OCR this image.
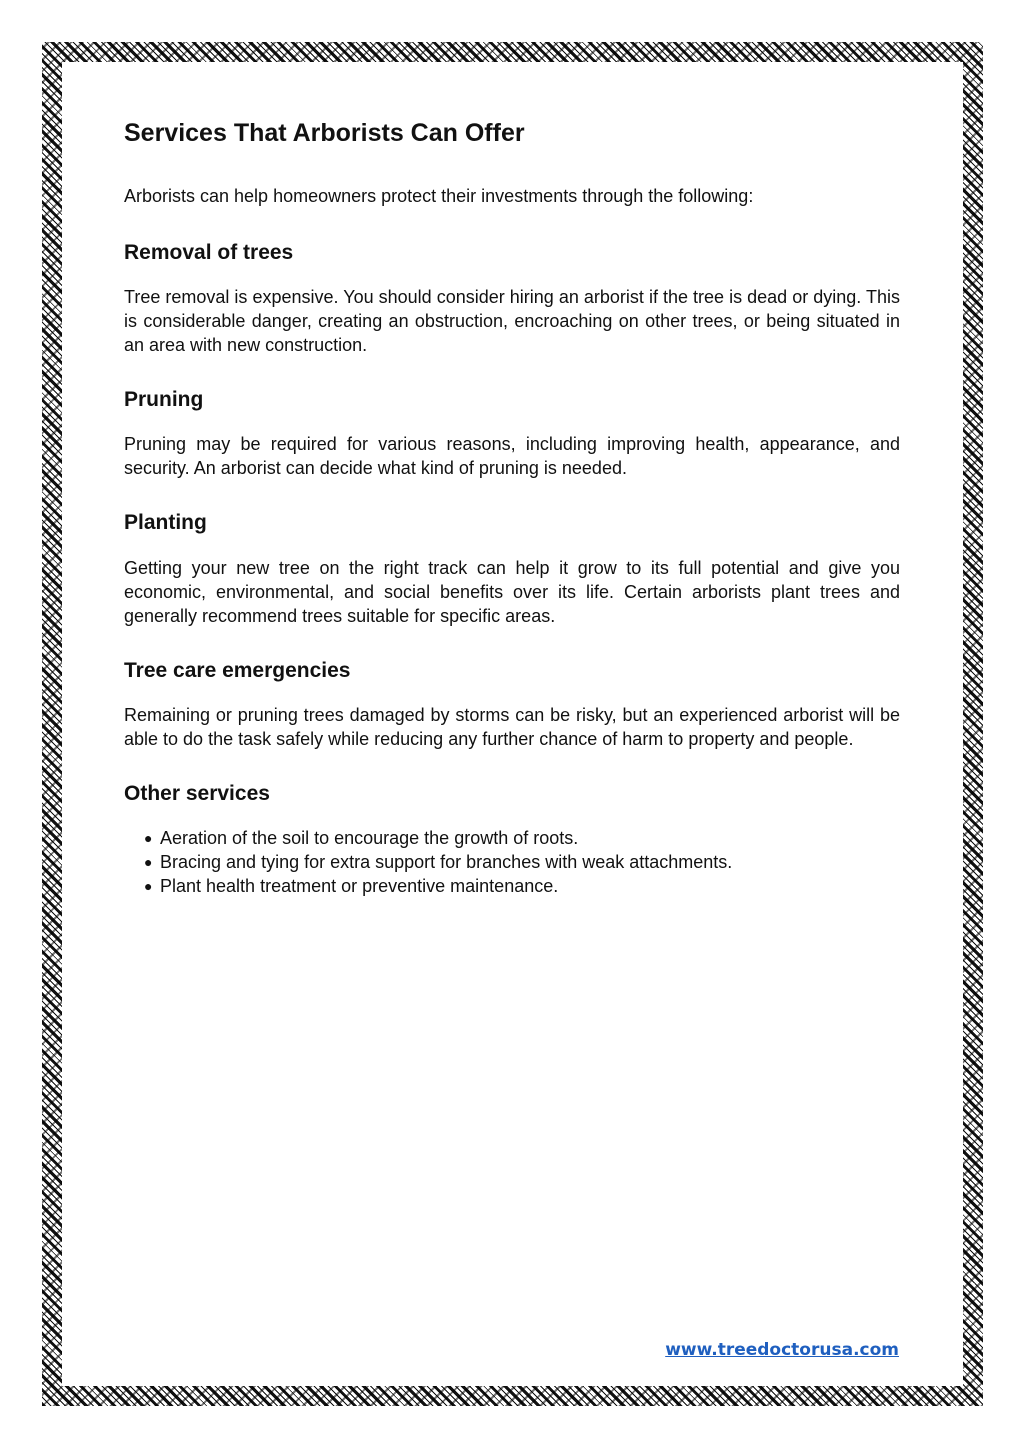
Services That Arborists Can Offer

Arborists can help homeowners protect their investments through the following:

Removal of trees

Tree removal is expensive. You should consider hiring an arborist if the tree is dead or dying. This is considerable danger, creating an obstruction, encroaching on other trees, or being situated in an area with new construction.

Pruning

Pruning may be required for various reasons, including improving health, appearance, and security. An arborist can decide what kind of pruning is needed.

Planting

Getting your new tree on the right track can help it grow to its full potential and give you economic, environmental, and social benefits over its life. Certain arborists plant trees and generally recommend trees suitable for specific areas.

Tree care emergencies

Remaining or pruning trees damaged by storms can be risky, but an experienced arborist will be able to do the task safely while reducing any further chance of harm to property and people.

Other services
● Aeration of the soil to encourage the growth of roots.
● Bracing and tying for extra support for branches with weak attachments.
● Plant health treatment or preventive maintenance.
www.treedoctorusa.com
